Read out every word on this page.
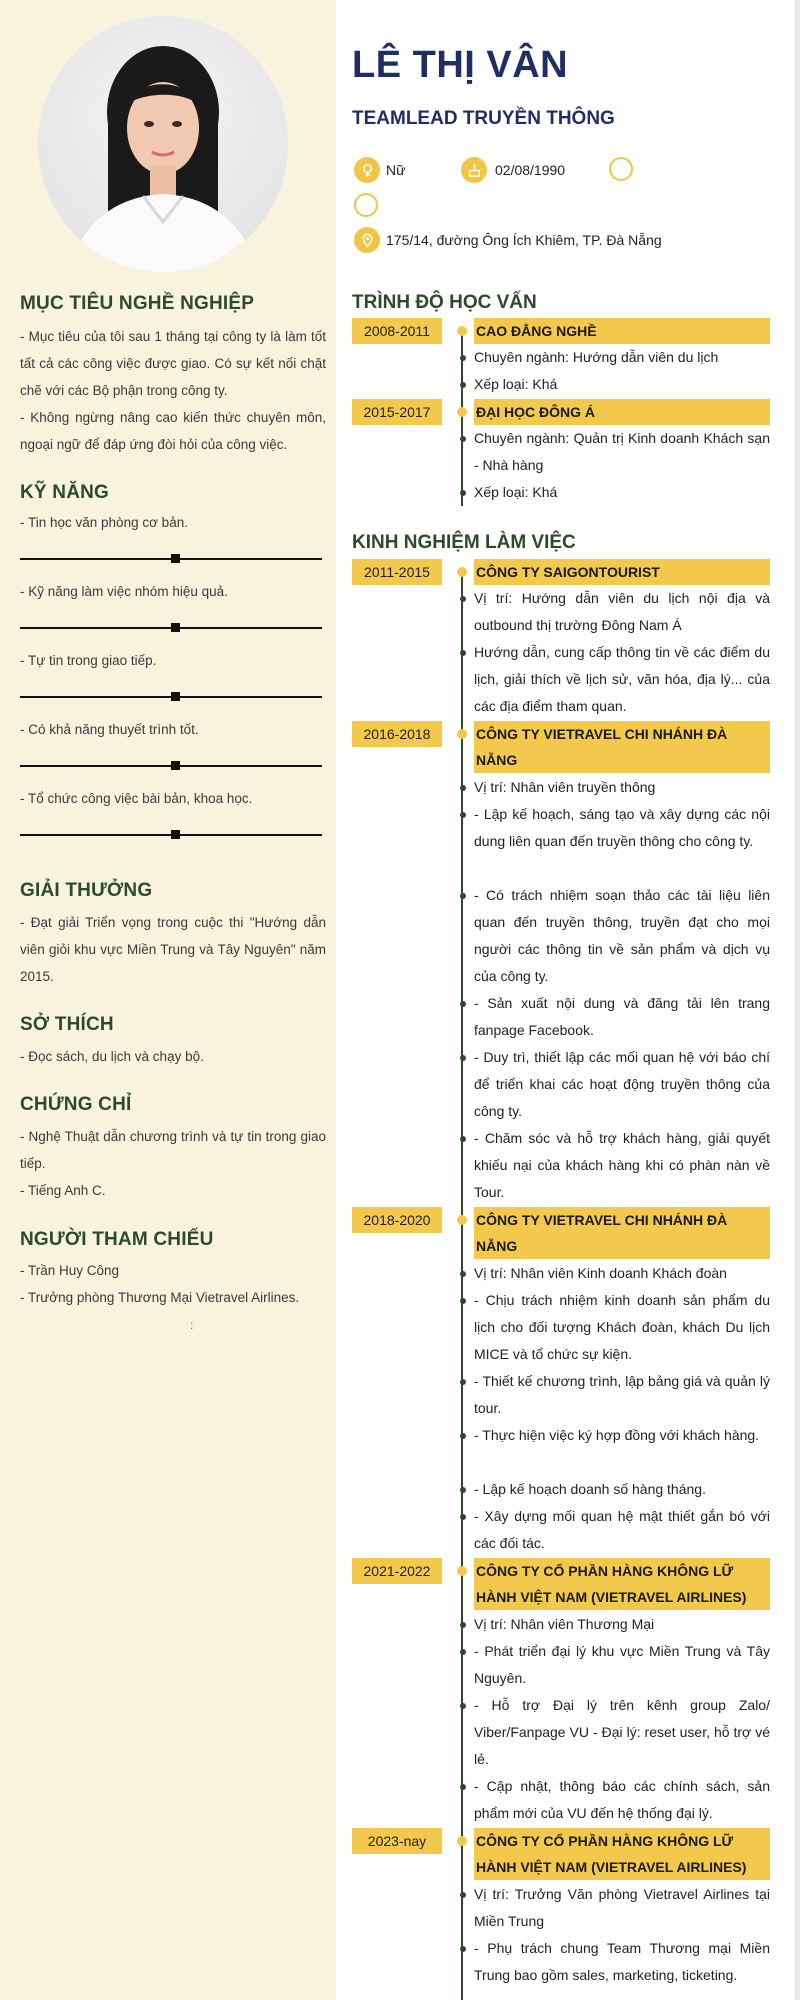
MỤC TIÊU NGHỀ NGHIỆP
- Mục tiêu của tôi sau 1 tháng tại công ty là làm tốt tất cả các công việc được giao. Có sự kết nối chặt chẽ với các Bộ phận trong công ty.
- Không ngừng nâng cao kiến thức chuyên môn, ngoại ngữ để đáp ứng đòi hỏi của công việc.
KỸ NĂNG
- Tin học văn phòng cơ bản.
- Kỹ năng làm việc nhóm hiệu quả.
- Tự tin trong giao tiếp.
- Có khả năng thuyết trình tốt.
- Tổ chức công việc bài bản, khoa học.
GIẢI THƯỞNG
- Đạt giải Triển vọng trong cuộc thi "Hướng dẫn viên giỏi khu vực Miền Trung và Tây Nguyên" năm 2015.
SỞ THÍCH
- Đọc sách, du lịch và chạy bộ.
CHỨNG CHỈ
- Nghệ Thuật dẫn chương trình và tự tin trong giao tiếp.
- Tiếng Anh C.
NGƯỜI THAM CHIẾU
- Trần Huy Công
- Trưởng phòng Thương Mại Vietravel Airlines.
:
LÊ THỊ VÂN
TEAMLEAD TRUYỀN THÔNG
Nữ	02/08/1990
175/14, đường Ông Ích Khiêm, TP. Đà Nẵng
TRÌNH ĐỘ HỌC VẤN
KINH NGHIỆM LÀM VIỆC
2008-2011	CAO ĐẲNG NGHỀ
Chuyên ngành: Hướng dẫn viên du lịch
Xếp loại: Khá
2015-2017	ĐẠI HỌC ĐÔNG Á
Chuyên ngành: Quản trị Kinh doanh Khách sạn - Nhà hàng
Xếp loại: Khá
2011-2015	CÔNG TY SAIGONTOURIST
Vị trí: Hướng dẫn viên du lịch nội địa và outbound thị trường Đông Nam Á
Hướng dẫn, cung cấp thông tin về các điểm du lịch, giải thích về lịch sử, văn hóa, địa lý... của các địa điểm tham quan.
2016-2018	CÔNG TY VIETRAVEL CHI NHÁNH ĐÀ NẴNG
Vị trí: Nhân viên truyền thông
- Lập kế hoạch, sáng tạo và xây dựng các nội dung liên quan đến truyền thông cho công ty.
- Có trách nhiệm soạn thảo các tài liệu liên quan đến truyền thông, truyền đạt cho mọi người các thông tin về sản phẩm và dịch vụ của công ty.
- Sản xuất nội dung và đăng tải lên trang fanpage Facebook.
- Duy trì, thiết lập các mối quan hệ với báo chí để triển khai các hoạt động truyền thông của công ty.
- Chăm sóc và hỗ trợ khách hàng, giải quyết khiếu nại của khách hàng khi có phàn nàn về Tour.
2018-2020	CÔNG TY VIETRAVEL CHI NHÁNH ĐÀ NẴNG
Vị trí: Nhân viên Kinh doanh Khách đoàn
- Chịu trách nhiệm kinh doanh sản phẩm du lịch cho đối tượng Khách đoàn, khách Du lịch MICE và tổ chức sự kiện.
- Thiết kế chương trình, lập bảng giá và quản lý tour.
- Thực hiện việc ký hợp đồng với khách hàng.
- Lập kế hoạch doanh số hàng tháng.
- Xây dựng mối quan hệ mật thiết gắn bó với các đối tác.
2021-2022	CÔNG TY CỔ PHẦN HÀNG KHÔNG LỮ HÀNH VIỆT NAM (VIETRAVEL AIRLINES)
Vị trí: Nhân viên Thương Mại
- Phát triển đại lý khu vực Miền Trung và Tây Nguyên.
- Hỗ trợ Đại lý trên kênh group Zalo/ Viber/Fanpage VU - Đại lý: reset user, hỗ trợ vé lẻ.
- Cập nhật, thông báo các chính sách, sản phẩm mới của VU đến hệ thống đại lý.
2023-nay	CÔNG TY CỔ PHẦN HÀNG KHÔNG LỮ HÀNH VIỆT NAM (VIETRAVEL AIRLINES)
Vị trí: Trưởng Văn phòng Vietravel Airlines tại Miền Trung
- Phụ trách chung Team Thương mại Miền Trung bao gồm sales, marketing, ticketing.
